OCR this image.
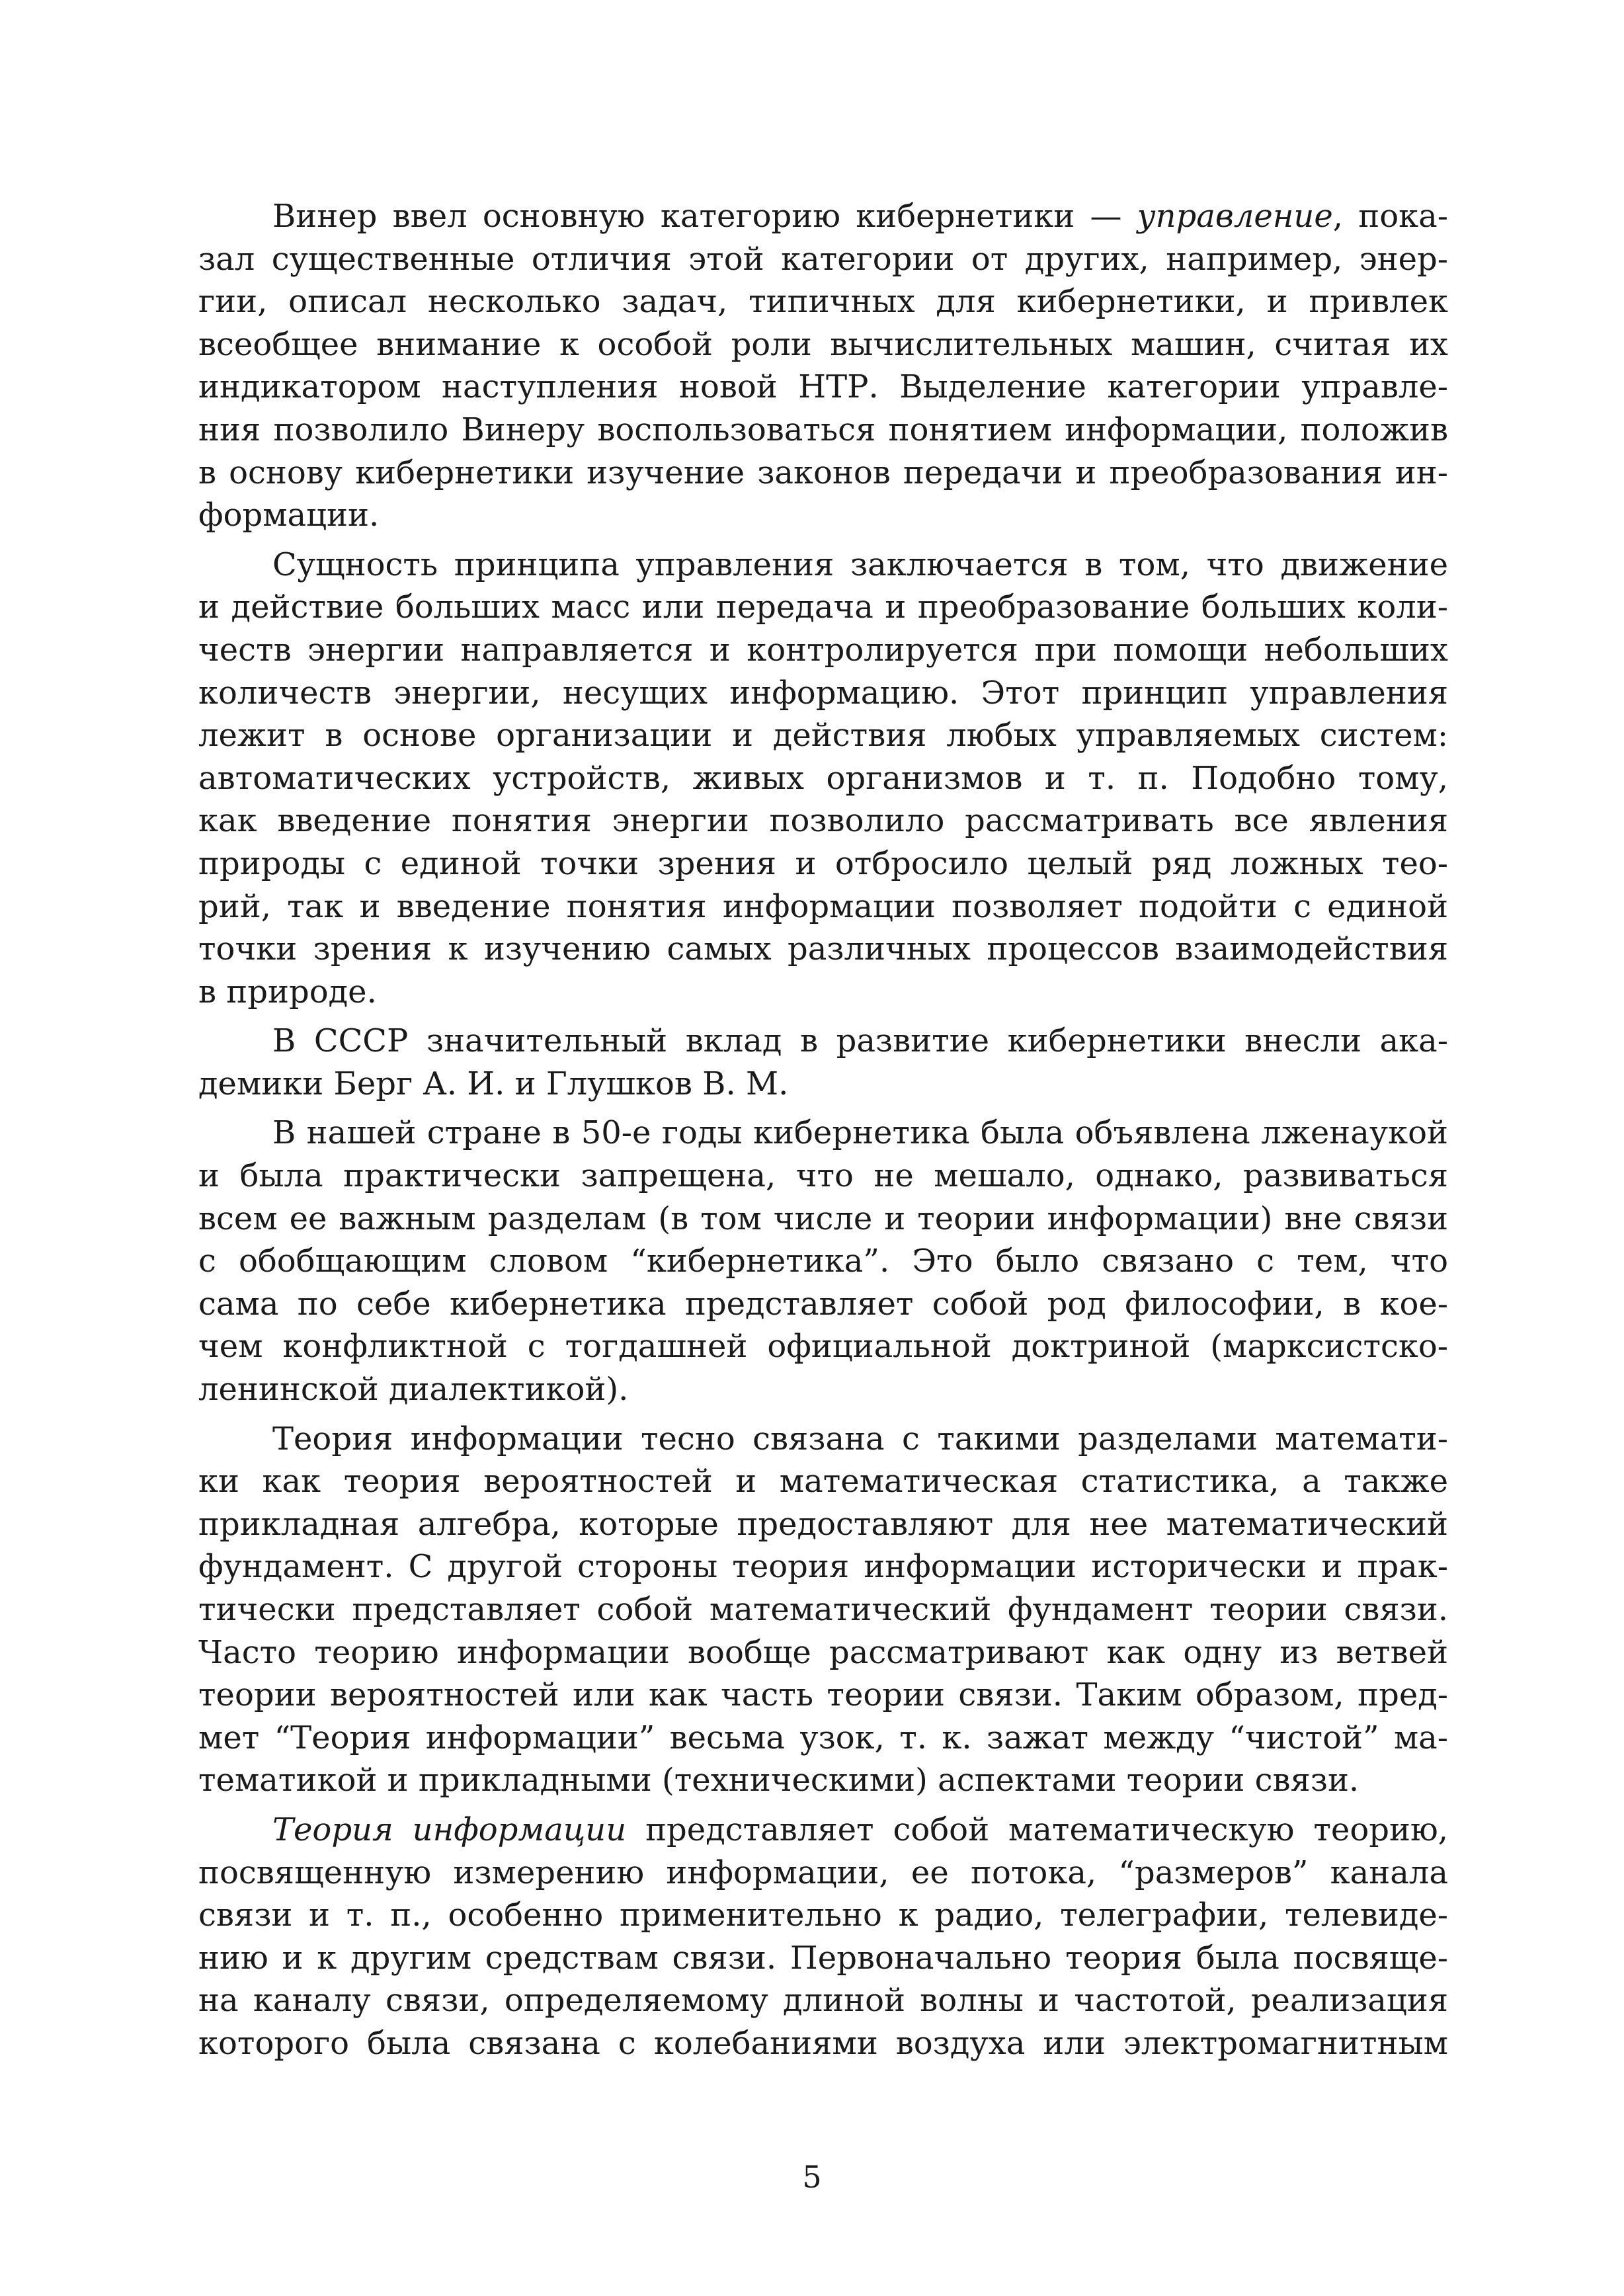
Винер ввел основную категорию кибернетики — управление, пока-
зал существенные отличия этой категории от других, например, энер-
гии, описал несколько задач, типичных для кибернетики, и привлек
всеобщее внимание к особой роли вычислительных машин, считая их
индикатором наступления новой НТР. Выделение категории управле-
ния позволило Винеру воспользоваться понятием информации, положив
в основу кибернетики изучение законов передачи и преобразования ин-
формации.
Сущность принципа управления заключается в том, что движение
и действие больших масс или передача и преобразование больших коли-
честв энергии направляется и контролируется при помощи небольших
количеств энергии, несущих информацию. Этот принцип управления
лежит в основе организации и действия любых управляемых систем:
автоматических устройств, живых организмов и т. п. Подобно тому,
как введение понятия энергии позволило рассматривать все явления
природы с единой точки зрения и отбросило целый ряд ложных тео-
рий, так и введение понятия информации позволяет подойти с единой
точки зрения к изучению самых различных процессов взаимодействия
в природе.
В СССР значительный вклад в развитие кибернетики внесли ака-
демики Берг А. И. и Глушков В. М.
В нашей стране в 50-е годы кибернетика была объявлена лженаукой
и была практически запрещена, что не мешало, однако, развиваться
всем ее важным разделам (в том числе и теории информации) вне связи
с обобщающим словом “кибернетика”. Это было связано с тем, что
сама по себе кибернетика представляет собой род философии, в кое-
чем конфликтной с тогдашней официальной доктриной (марксистско-
ленинской диалектикой).
Теория информации тесно связана с такими разделами математи-
ки как теория вероятностей и математическая статистика, а также
прикладная алгебра, которые предоставляют для нее математический
фундамент. С другой стороны теория информации исторически и прак-
тически представляет собой математический фундамент теории связи.
Часто теорию информации вообще рассматривают как одну из ветвей
теории вероятностей или как часть теории связи. Таким образом, пред-
мет “Теория информации” весьма узок, т. к. зажат между “чистой” ма-
тематикой и прикладными (техническими) аспектами теории связи.
Теория информации представляет собой математическую теорию,
посвященную измерению информации, ее потока, “размеров” канала
связи и т. п., особенно применительно к радио, телеграфии, телевиде-
нию и к другим средствам связи. Первоначально теория была посвяще-
на каналу связи, определяемому длиной волны и частотой, реализация
которого была связана с колебаниями воздуха или электромагнитным
5
